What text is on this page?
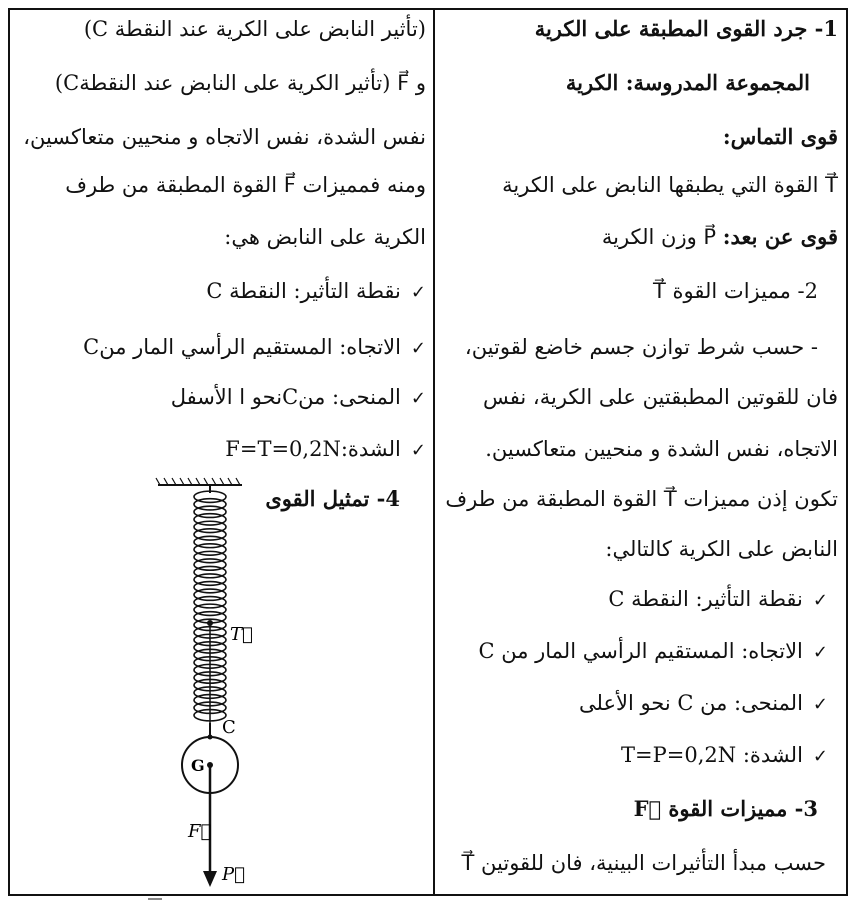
1- جرد القوى المطبقة على الكرية
المجموعة المدروسة: الكرية
قوى التماس:
T⃗ القوة التي يطبقها النابض على الكرية
قوى عن بعد: P⃗ وزن الكرية
2- مميزات القوة T⃗
- حسب شرط توازن جسم خاضع لقوتين،
فان للقوتين المطبقتين على الكرية، نفس
الاتجاه، نفس الشدة و منحيين متعاكسين.
تكون إذن مميزات T⃗ القوة المطبقة من طرف
النابض على الكرية كالتالي:
✓نقطة التأثير: النقطة C
✓الاتجاه: المستقيم الرأسي المار من C
✓المنحى: من C نحو الأعلى
✓الشدة: T=P=0,2N
3- مميزات القوة F⃗
حسب مبدأ التأثيرات البينية، فان للقوتين T⃗
(تأثير النابض على الكرية عند النقطة C)
و F⃗ (تأثير الكرية على النابض عند النقطةC)
نفس الشدة، نفس الاتجاه و منحيين متعاكسين،
ومنه فمميزات F⃗ القوة المطبقة من طرف
الكرية على النابض هي:
✓نقطة التأثير: النقطة C
✓الاتجاه: المستقيم الرأسي المار منC
✓المنحى: منCنحو ا الأسفل
✓الشدة:F=T=0,2N
4- تمثيل القوى
T⃗
C
G
F⃗
P⃗
